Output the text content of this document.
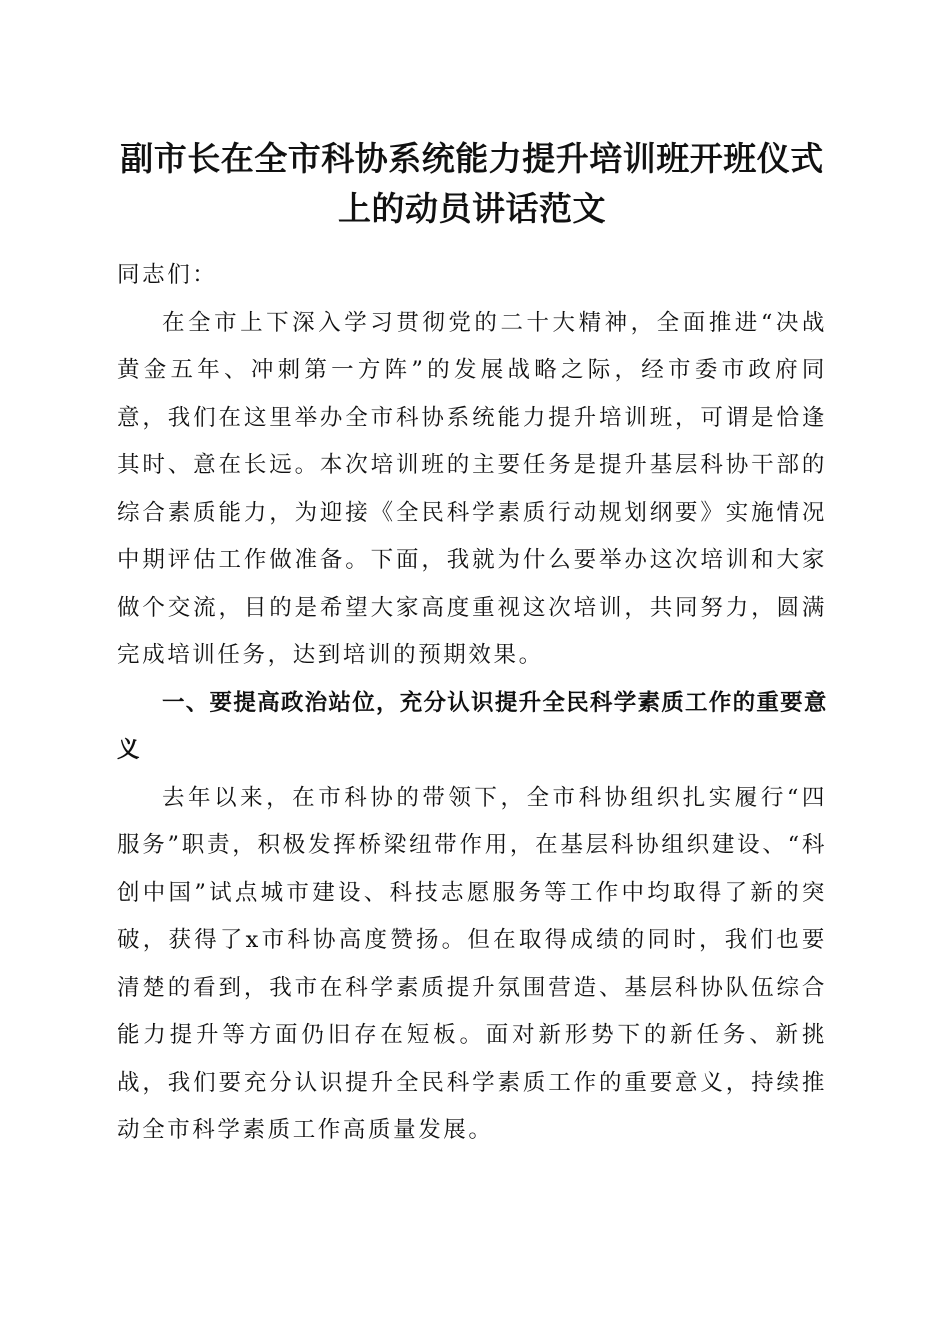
副市长在全市科协系统能力提升培训班开班仪式上的动员讲话范文

同志们：

在全市上下深入学习贯彻党的二十大精神，全面推进“决战黄金五年、冲刺第一方阵”的发展战略之际，经市委市政府同意，我们在这里举办全市科协系统能力提升培训班，可谓是恰逢其时、意在长远。本次培训班的主要任务是提升基层科协干部的综合素质能力，为迎接《全民科学素质行动规划纲要》实施情况中期评估工作做准备。下面，我就为什么要举办这次培训和大家做个交流，目的是希望大家高度重视这次培训，共同努力，圆满完成培训任务，达到培训的预期效果。

一、要提高政治站位，充分认识提升全民科学素质工作的重要意义

去年以来，在市科协的带领下，全市科协组织扎实履行“四服务”职责，积极发挥桥梁纽带作用，在基层科协组织建设、“科创中国”试点城市建设、科技志愿服务等工作中均取得了新的突破，获得了x市科协高度赞扬。但在取得成绩的同时，我们也要清楚的看到，我市在科学素质提升氛围营造、基层科协队伍综合能力提升等方面仍旧存在短板。面对新形势下的新任务、新挑战，我们要充分认识提升全民科学素质工作的重要意义，持续推动全市科学素质工作高质量发展。
